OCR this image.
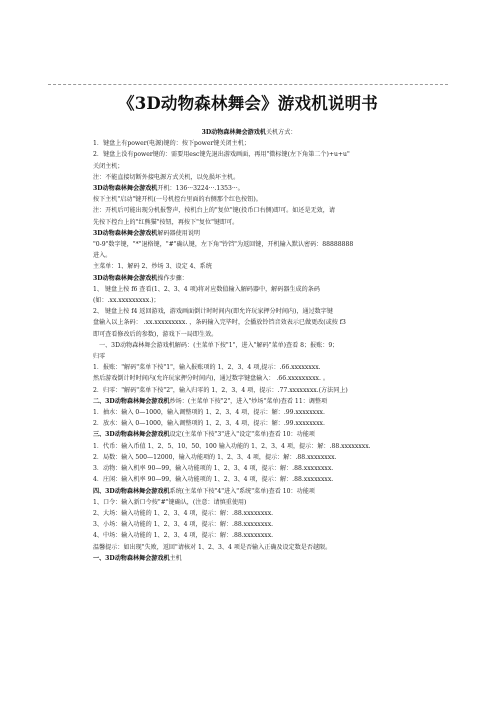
《3D动物森林舞会》游戏机说明书
3D动物森林舞会游戏机关机方式：
1．键盘上有power(电源)键的：按下power键关闭主机；
2．键盘上没有power键的：需要用esc键先退出游戏画面，再用"微标键(左下角第二个)+u+u"
关闭主机；
注：不能直接切断外接电源方式关机，以免损坏主机。
3D动物森林舞会游戏机开机：136···3224···.1353···。
按下主机"启动"键开机(一号机控台里面的右侧那个红色按钮)。
注：开机后可能出现分机报警声，按机台上的"复位"键(投币口右侧)即可。如还是无效，请
先按下控台上的"红熊猫"按钮，再按下"复位"键即可。
3D动物森林舞会游戏机解码器使用说明
"0-9"数字键，"*"退格键，"#"确认键，左下角"铃铛"为返回键，开机输入默认密码：88888888
进入。
主菜单：1、解码 2、炒场 3、设定 4、系统
3D动物森林舞会游戏机操作步骤：
1、 键盘上按 f6 查看(1、2、3、4 项)将对应数值输入解码器中，解码器生成的条码
(如：.xx.xxxxxxxxx.)；
2、 键盘上按 f4 返回游戏，游戏画面倒计时时间内(即允许玩家押分时间内)，通过数字键
盘输入以上条码： .xx.xxxxxxxxx. ，条码输入完毕时，会播放铃铛音效表示已做更改(或按 f3
即可查看修改后的参数)，游戏下一局即生效。
一、3D动物森林舞会游戏机解码：(主菜单下按"1"，进入"解码"菜单)查看 8；报账：9；
归零
1．报账："解码"菜单下按"1"，输入报账项的 1、2、3、4 项,提示：.66.xxxxxxxx.
然后游戏倒计时时间内(允许玩家押分时间内)，通过数字键盘输入： .66.xxxxxxxxx. 。
2．归零："解码"菜单下按"2"，输入归零的 1、2、3、4 项，提示：.77.xxxxxxxx.(方法同上)
二、3D动物森林舞会游戏机炒场：(主菜单下按"2"，进入"炒场"菜单)查看 11：调整项
1．抽水：输入 0—1000，输入调整项的 1、2、3、4 项，提示：解：.99.xxxxxxxx.
2．放水：输入 0—1000，输入调整项的 1、2、3、4 项，提示：解：.99.xxxxxxxx.
三、3D动物森林舞会游戏机设定(主菜单下按"3"进入"设定"菜单)查看 10：功能项
1．代币：输入币值 1、2、5、10、50、100 输入功能的 1、2、3、4 项，提示：解：.88.xxxxxxxx.
2．局数：输入 500—12000，输入功能项的 1、2、3、4 项，提示：解：.88.xxxxxxxx.
3．动物：输入机率 90—99，输入功能项的 1、2、3、4 项，提示：解：.88.xxxxxxxx.
4．庄闲：输入机率 90—99，输入功能项的 1、2、3、4 项，提示：解：.88.xxxxxxxx.
四、3D动物森林舞会游戏机系统(主菜单下按"4"进入"系统"菜单)查看 10：功能项
1、口令：输入新口令按"#"键确认，(注意：请慎重使用)
2、大场：输入功能的 1、2、3、4 项，提示：解：.88.xxxxxxxx.
3、小场：输入功能的 1、2、3、4 项，提示：解：.88.xxxxxxxx.
4、中场：输入功能的 1、2、3、4 项，提示：解：.88.xxxxxxxx.
温馨提示：如出现"失败，返回"请核对 1、2、3、4 项是否输入正确及设定数是否越限。
一、3D动物森林舞会游戏机主机
